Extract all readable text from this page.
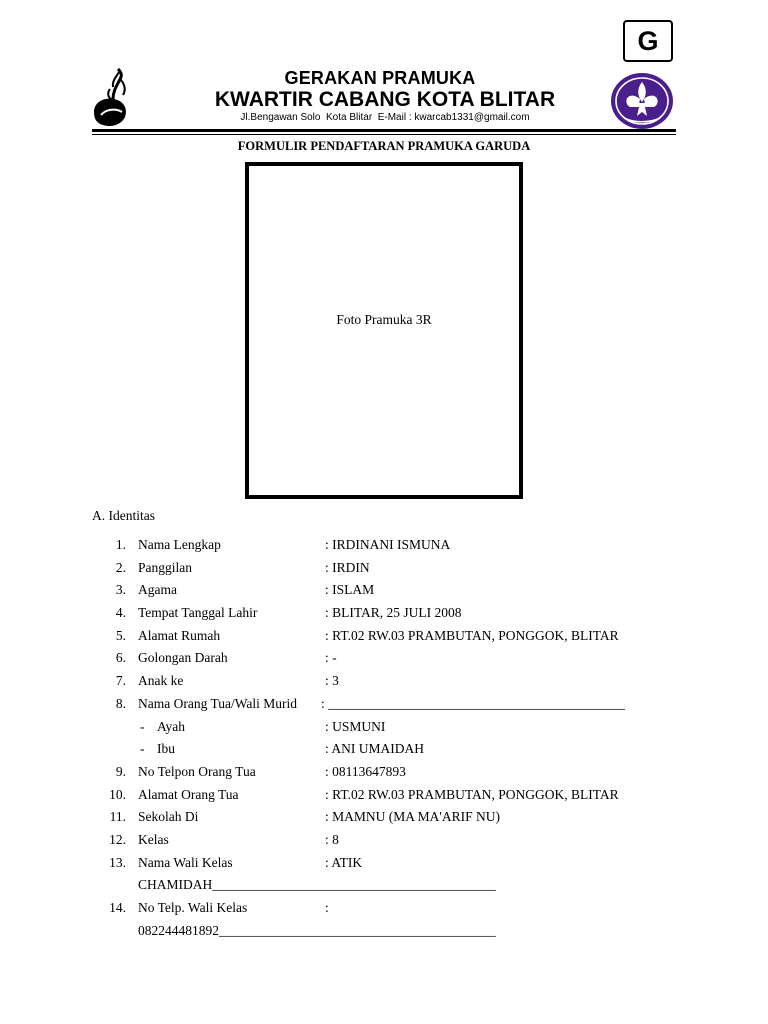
G
GERAKAN PRAMUKA
KWARTIR CABANG KOTA BLITAR
Jl.Bengawan Solo  Kota Blitar  E-Mail : kwarcab1331@gmail.com
FORMULIR PENDAFTARAN PRAMUKA GARUDA
Foto Pramuka 3R
A. Identitas
1. Nama Lengkap	: IRDINANI ISMUNA
2. Panggilan	: IRDIN
3. Agama	: ISLAM
4. Tempat Tanggal Lahir	: BLITAR, 25 JULI 2008
5. Alamat Rumah	: RT.02 RW.03 PRAMBUTAN, PONGGOK, BLITAR
6. Golongan Darah	: -
7. Anak ke	: 3
8. Nama Orang Tua/Wali Murid : ____________________________________________
- Ayah	: USMUNI
- Ibu	: ANI UMAIDAH
9. No Telpon Orang Tua	: 08113647893
10. Alamat Orang Tua	: RT.02 RW.03 PRAMBUTAN, PONGGOK, BLITAR
11. Sekolah Di	: MAMNU (MA MA'ARIF NU)
12. Kelas	: 8
13. Nama Wali Kelas	: ATIK
CHAMIDAH__________________________________________
14. No Telp. Wali Kelas	:
082244481892_________________________________________
